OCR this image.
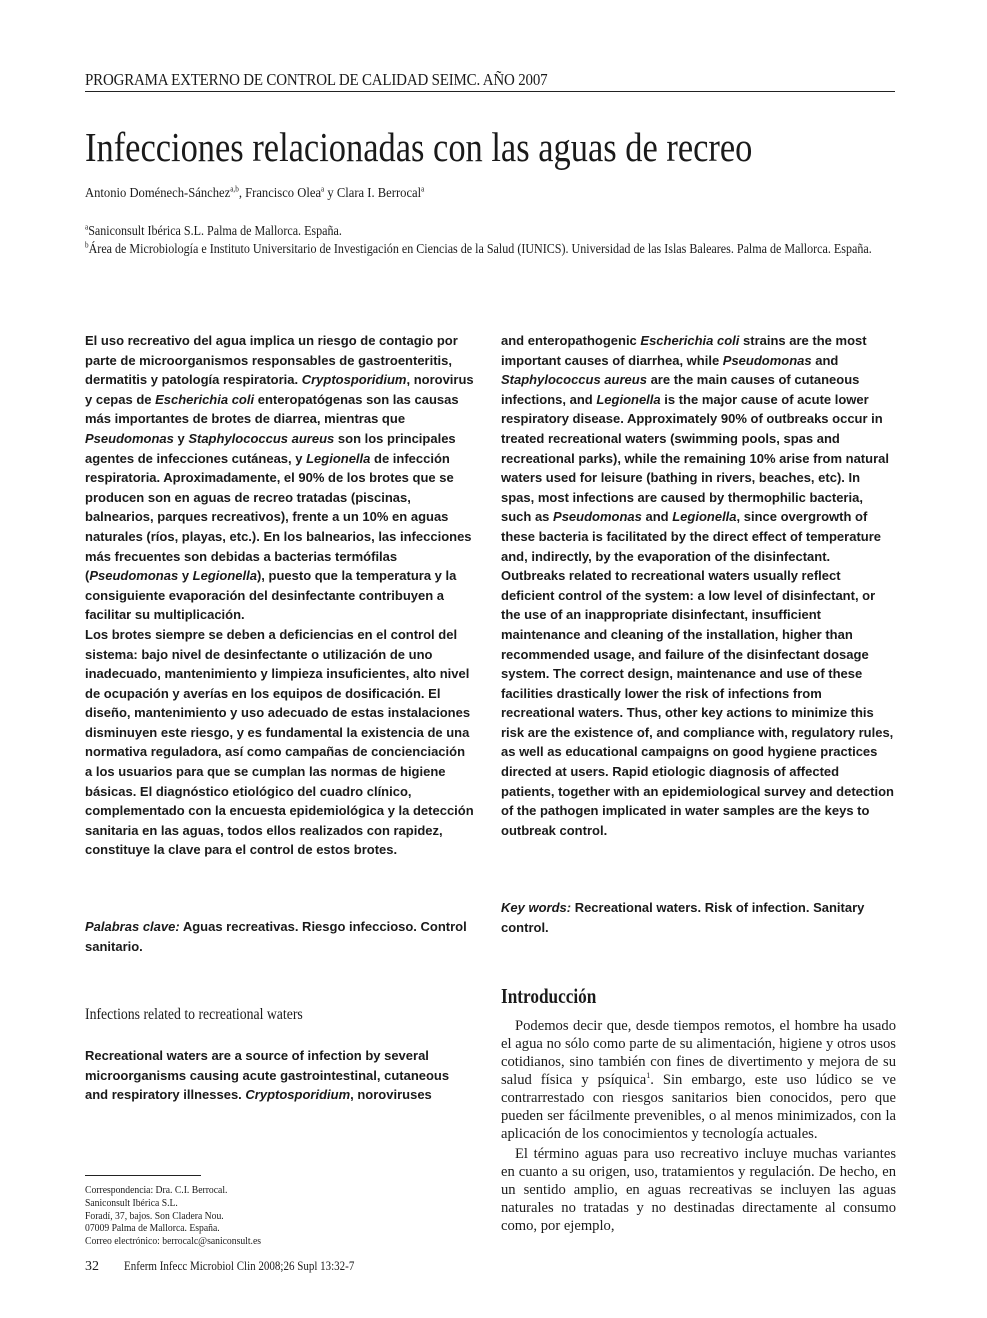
PROGRAMA EXTERNO DE CONTROL DE CALIDAD SEIMC. AÑO 2007
Infecciones relacionadas con las aguas de recreo
Antonio Doménech-Sánchez$^{a,b}$, Francisco Olea$^a$ y Clara I. Berrocal$^a$
$^a$Saniconsult Ibérica S.L. Palma de Mallorca. España.
$^b$Área de Microbiología e Instituto Universitario de Investigación en Ciencias de la Salud (IUNICS). Universidad de las Islas Baleares. Palma de Mallorca. España.

El uso recreativo del agua implica un riesgo de contagio por parte de microorganismos responsables de gastroenteritis, dermatitis y patología respiratoria. Cryptosporidium, norovirus y cepas de Escherichia coli enteropatógenas son las causas más importantes de brotes de diarrea, mientras que Pseudomonas y Staphylococcus aureus son los principales agentes de infecciones cutáneas, y Legionella de infección respiratoria. Aproximadamente, el 90% de los brotes que se producen son en aguas de recreo tratadas (piscinas, balnearios, parques recreativos), frente a un 10% en aguas naturales (ríos, playas, etc.). En los balnearios, las infecciones más frecuentes son debidas a bacterias termófilas (Pseudomonas y Legionella), puesto que la temperatura y la consiguiente evaporación del desinfectante contribuyen a facilitar su multiplicación.

Los brotes siempre se deben a deficiencias en el control del sistema: bajo nivel de desinfectante o utilización de uno inadecuado, mantenimiento y limpieza insuficientes, alto nivel de ocupación y averías en los equipos de dosificación. El diseño, mantenimiento y uso adecuado de estas instalaciones disminuyen este riesgo, y es fundamental la existencia de una normativa reguladora, así como campañas de concienciación a los usuarios para que se cumplan las normas de higiene básicas. El diagnóstico etiológico del cuadro clínico, complementado con la encuesta epidemiológica y la detección sanitaria en las aguas, todos ellos realizados con rapidez, constituye la clave para el control de estos brotes.

Palabras clave: Aguas recreativas. Riesgo infeccioso. Control sanitario.
Infections related to recreational waters

Recreational waters are a source of infection by several microorganisms causing acute gastrointestinal, cutaneous and respiratory illnesses. Cryptosporidium, noroviruses

and enteropathogenic Escherichia coli strains are the most important causes of diarrhea, while Pseudomonas and Staphylococcus aureus are the main causes of cutaneous infections, and Legionella is the major cause of acute lower respiratory disease. Approximately 90% of outbreaks occur in treated recreational waters (swimming pools, spas and recreational parks), while the remaining 10% arise from natural waters used for leisure (bathing in rivers, beaches, etc). In spas, most infections are caused by thermophilic bacteria, such as Pseudomonas and Legionella, since overgrowth of these bacteria is facilitated by the direct effect of temperature and, indirectly, by the evaporation of the disinfectant.

Outbreaks related to recreational waters usually reflect deficient control of the system: a low level of disinfectant, or the use of an inappropriate disinfectant, insufficient maintenance and cleaning of the installation, higher than recommended usage, and failure of the disinfectant dosage system. The correct design, maintenance and use of these facilities drastically lower the risk of infections from recreational waters. Thus, other key actions to minimize this risk are the existence of, and compliance with, regulatory rules, as well as educational campaigns on good hygiene practices directed at users. Rapid etiologic diagnosis of affected patients, together with an epidemiological survey and detection of the pathogen implicated in water samples are the keys to outbreak control.

Key words: Recreational waters. Risk of infection. Sanitary control.
Introducción

Podemos decir que, desde tiempos remotos, el hombre ha usado el agua no sólo como parte de su alimentación, higiene y otros usos cotidianos, sino también con fines de divertimento y mejora de su salud física y psíquica$^1$. Sin embargo, este uso lúdico se ve contrarrestado con riesgos sanitarios bien conocidos, pero que pueden ser fácilmente prevenibles, o al menos minimizados, con la aplicación de los conocimientos y tecnología actuales.

El término aguas para uso recreativo incluye muchas variantes en cuanto a su origen, uso, tratamientos y regulación. De hecho, en un sentido amplio, en aguas recreativas se incluyen las aguas naturales no tratadas y no destinadas directamente al consumo como, por ejemplo,

Correspondencia: Dra. C.I. Berrocal.
Saniconsult Ibérica S.L.
Foradí, 37, bajos. Son Cladera Nou.
07009 Palma de Mallorca. España.
Correo electrónico: berrocalc@saniconsult.es
32 Enferm Infecc Microbiol Clin 2008;26 Supl 13:32-7
